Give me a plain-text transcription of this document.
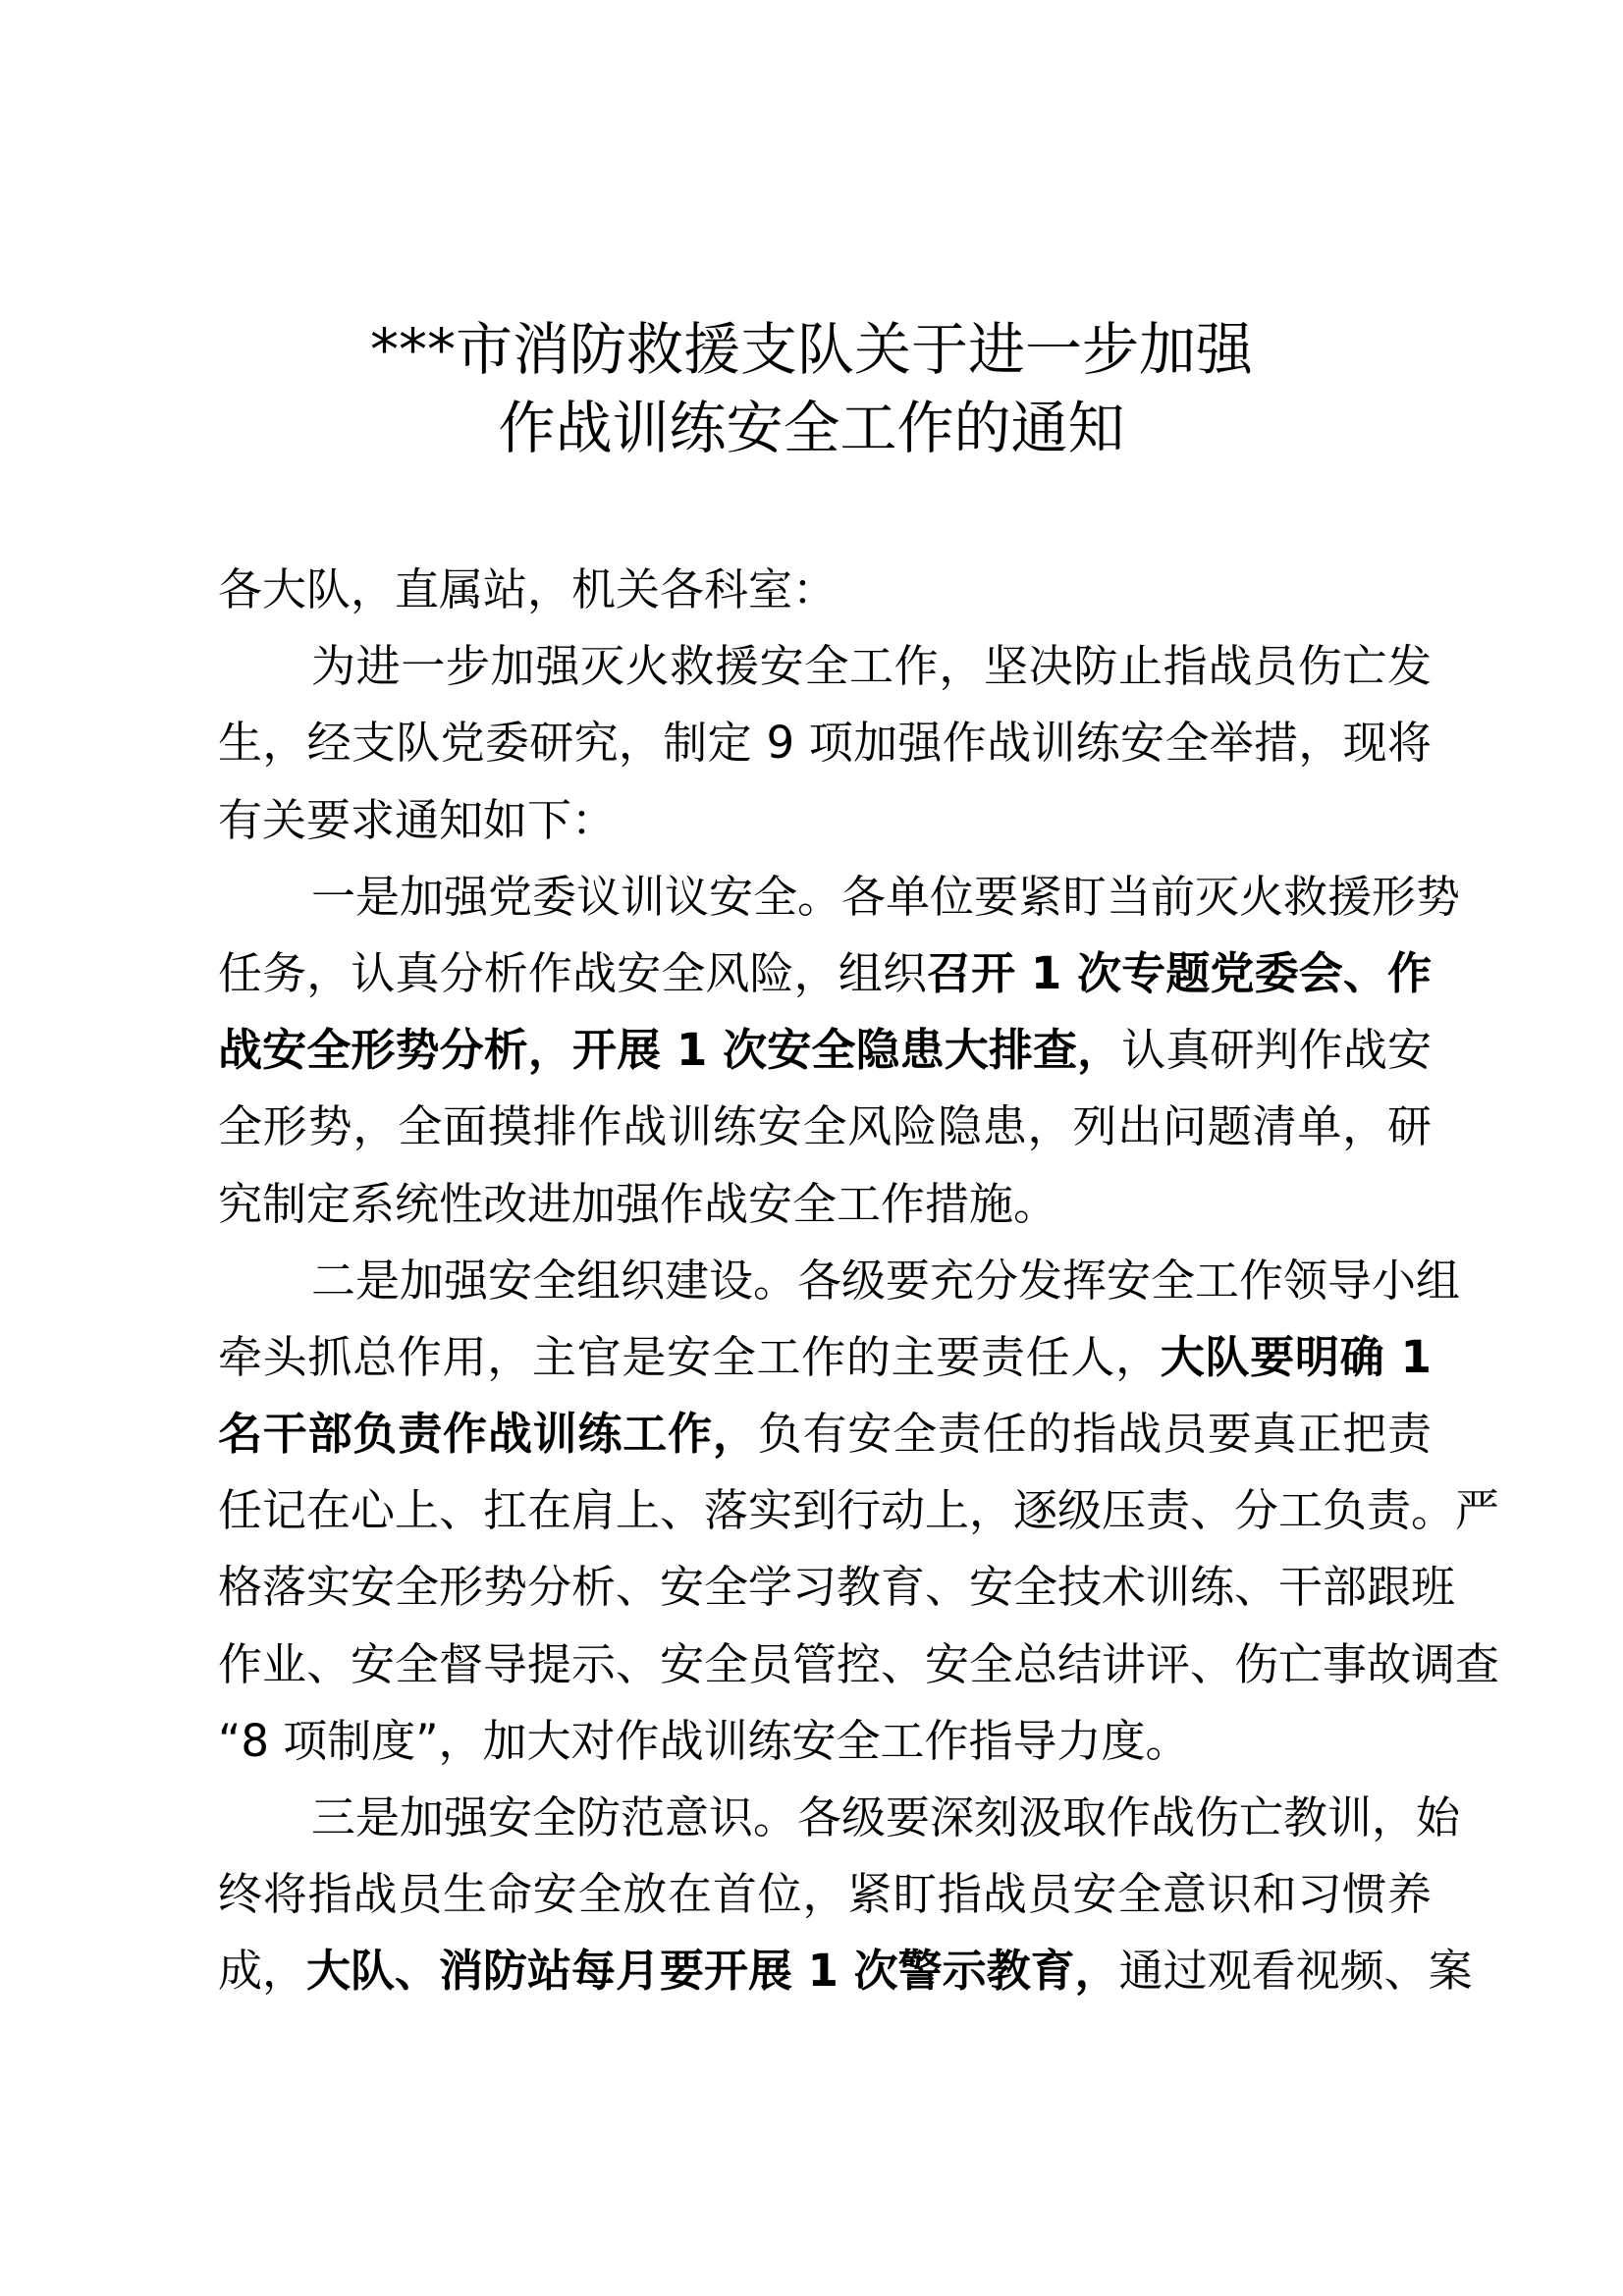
***市消防救援支队关于进一步加强
作战训练安全工作的通知
各大队，直属站，机关各科室：
为进一步加强灭火救援安全工作，坚决防止指战员伤亡发
生，经支队党委研究，制定 9 项加强作战训练安全举措，现将
有关要求通知如下：
一是加强党委议训议安全。各单位要紧盯当前灭火救援形势
任务，认真分析作战安全风险，组织召开 1 次专题党委会、作
战安全形势分析，开展 1 次安全隐患大排查，认真研判作战安
全形势，全面摸排作战训练安全风险隐患，列出问题清单，研
究制定系统性改进加强作战安全工作措施。
二是加强安全组织建设。各级要充分发挥安全工作领导小组
牵头抓总作用，主官是安全工作的主要责任人，大队要明确 1
名干部负责作战训练工作，负有安全责任的指战员要真正把责
任记在心上、扛在肩上、落实到行动上，逐级压责、分工负责。严
格落实安全形势分析、安全学习教育、安全技术训练、干部跟班
作业、安全督导提示、安全员管控、安全总结讲评、伤亡事故调查
“8 项制度”，加大对作战训练安全工作指导力度。
三是加强安全防范意识。各级要深刻汲取作战伤亡教训，始
终将指战员生命安全放在首位，紧盯指战员安全意识和习惯养
成，大队、消防站每月要开展 1 次警示教育，通过观看视频、案
